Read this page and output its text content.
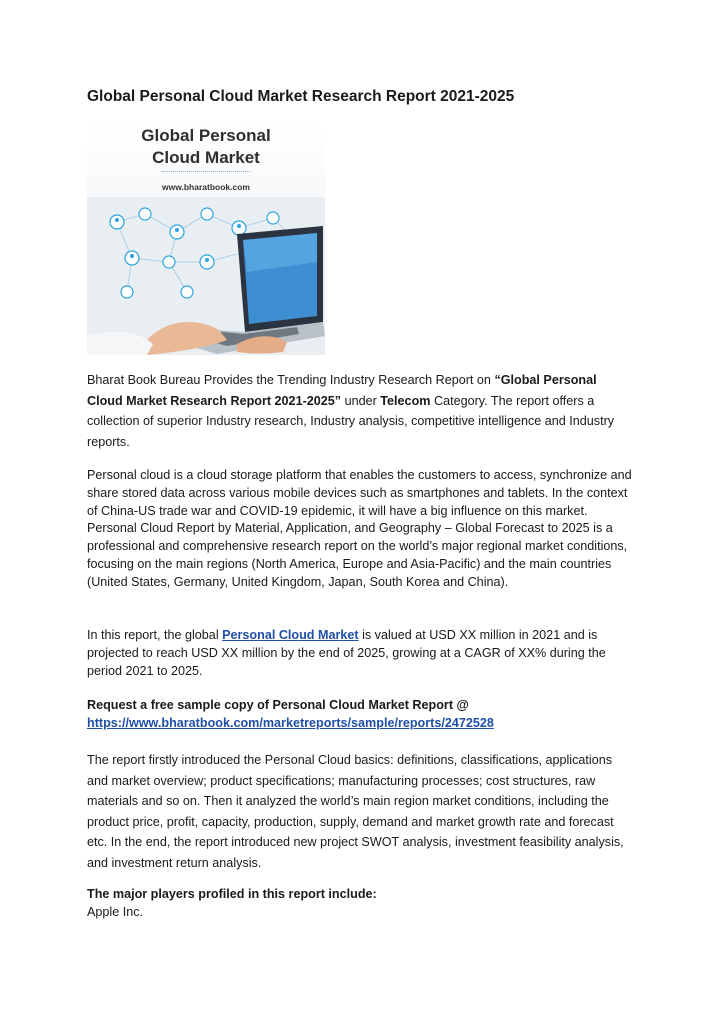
Global Personal Cloud Market Research Report 2021-2025
Global Personal
Cloud Market
www.bharatbook.com

Bharat Book Bureau Provides the Trending Industry Research Report on “Global Personal Cloud Market Research Report 2021-2025” under Telecom Category. The report offers a collection of superior Industry research, Industry analysis, competitive intelligence and Industry reports.

Personal cloud is a cloud storage platform that enables the customers to access, synchronize and share stored data across various mobile devices such as smartphones and tablets. In the context of China-US trade war and COVID-19 epidemic, it will have a big influence on this market. Personal Cloud Report by Material, Application, and Geography – Global Forecast to 2025 is a professional and comprehensive research report on the world’s major regional market conditions, focusing on the main regions (North America, Europe and Asia-Pacific) and the main countries (United States, Germany, United Kingdom, Japan, South Korea and China).

In this report, the global Personal Cloud Market is valued at USD XX million in 2021 and is projected to reach USD XX million by the end of 2025, growing at a CAGR of XX% during the period 2021 to 2025.

Request a free sample copy of Personal Cloud Market Report @
https://www.bharatbook.com/marketreports/sample/reports/2472528

The report firstly introduced the Personal Cloud basics: definitions, classifications, applications and market overview; product specifications; manufacturing processes; cost structures, raw materials and so on. Then it analyzed the world’s main region market conditions, including the product price, profit, capacity, production, supply, demand and market growth rate and forecast etc. In the end, the report introduced new project SWOT analysis, investment feasibility analysis, and investment return analysis.

The major players profiled in this report include:
Apple Inc.
